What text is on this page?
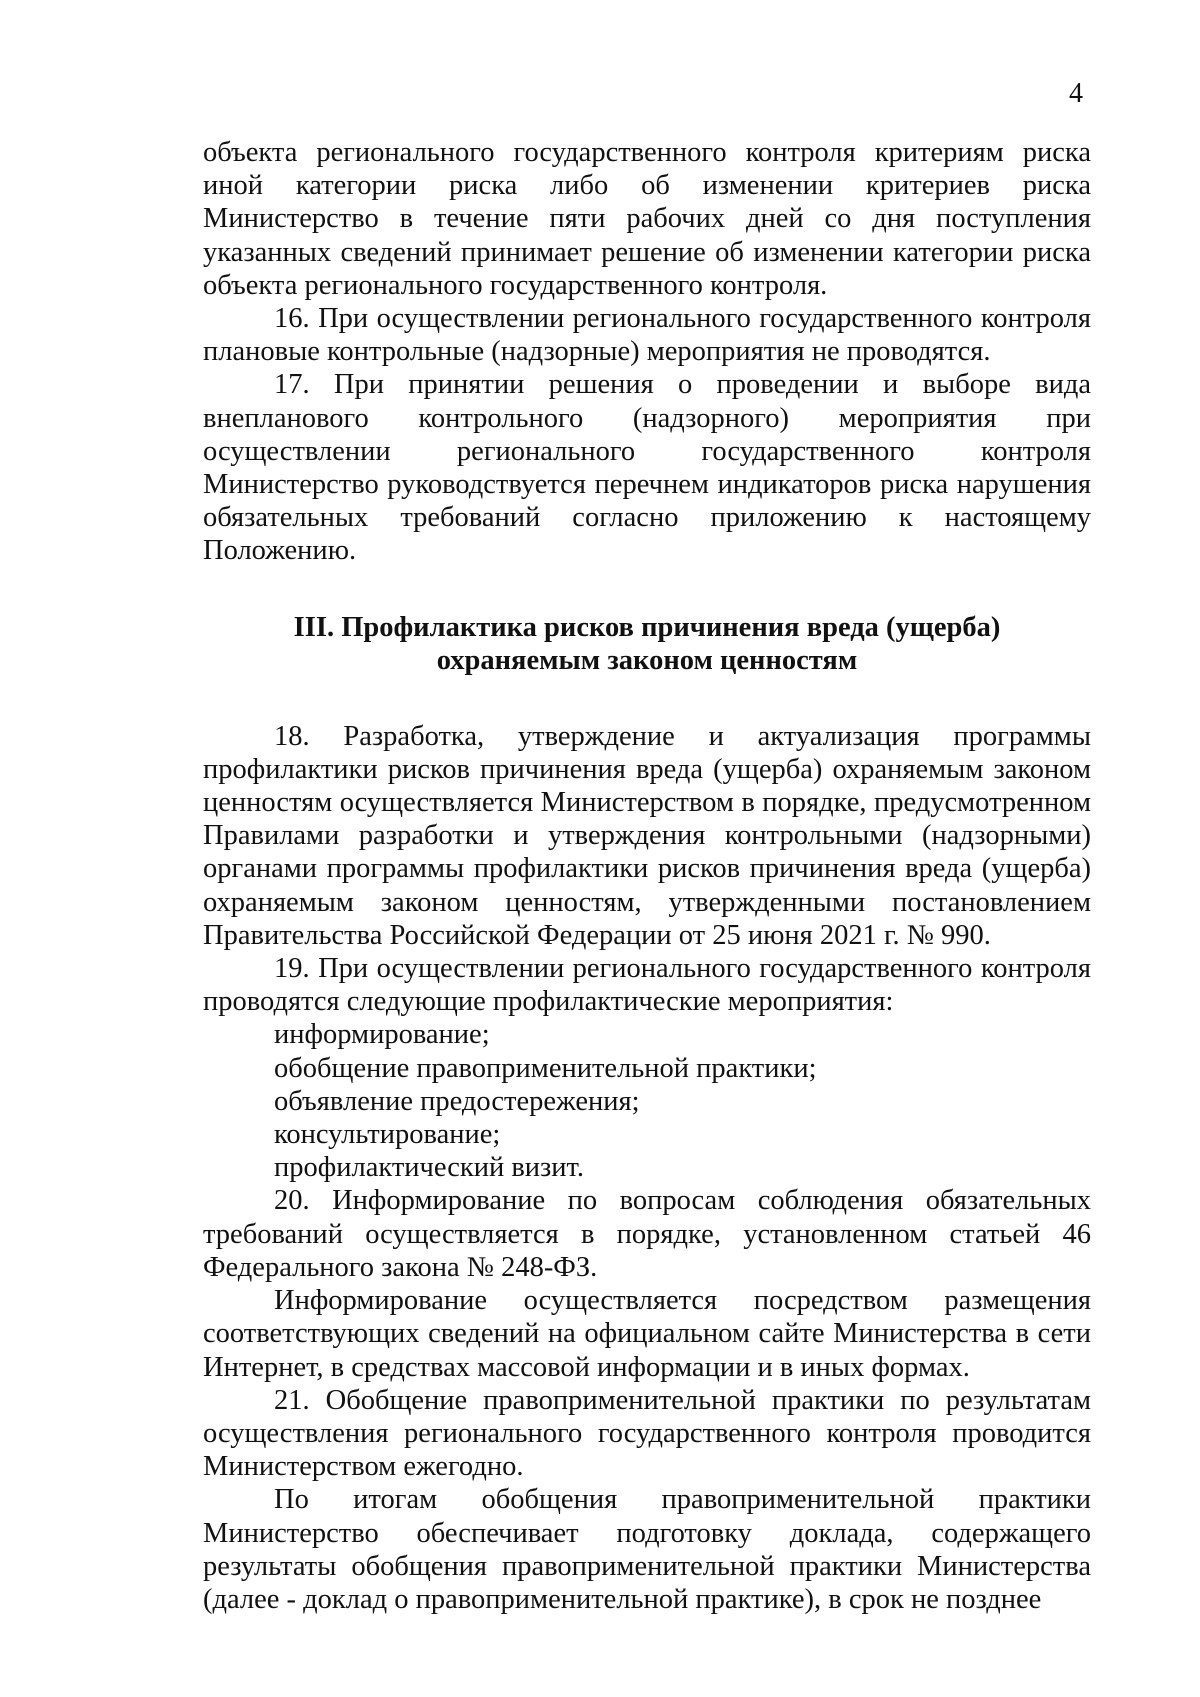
4

объекта регионального государственного контроля критериям риска иной категории риска либо об изменении критериев риска Министерство в течение пяти рабочих дней со дня поступления указанных сведений принимает решение об изменении категории риска объекта регионального государственного контроля.

16. При осуществлении регионального государственного контроля плановые контрольные (надзорные) мероприятия не проводятся.

17. При принятии решения о проведении и выборе вида внепланового контрольного (надзорного) мероприятия при осуществлении регионального государственного контроля Министерство руководствуется перечнем индикаторов риска нарушения обязательных требований согласно приложению к настоящему Положению.

III. Профилактика рисков причинения вреда (ущерба)
охраняемым законом ценностям

18. Разработка, утверждение и актуализация программы профилактики рисков причинения вреда (ущерба) охраняемым законом ценностям осуществляется Министерством в порядке, предусмотренном Правилами разработки и утверждения контрольными (надзорными) органами программы профилактики рисков причинения вреда (ущерба) охраняемым законом ценностям, утвержденными постановлением Правительства Российской Федерации от 25 июня 2021 г. № 990.

19. При осуществлении регионального государственного контроля проводятся следующие профилактические мероприятия:

информирование;

обобщение правоприменительной практики;

объявление предостережения;

консультирование;

профилактический визит.

20. Информирование по вопросам соблюдения обязательных требований осуществляется в порядке, установленном статьей 46 Федерального закона № 248-ФЗ.

Информирование осуществляется посредством размещения соответствующих сведений на официальном сайте Министерства в сети Интернет, в средствах массовой информации и в иных формах.

21. Обобщение правоприменительной практики по результатам осуществления регионального государственного контроля проводится Министерством ежегодно.

По итогам обобщения правоприменительной практики Министерство обеспечивает подготовку доклада, содержащего результаты обобщения правоприменительной практики Министерства (далее - доклад о правоприменительной практике), в срок не позднее
